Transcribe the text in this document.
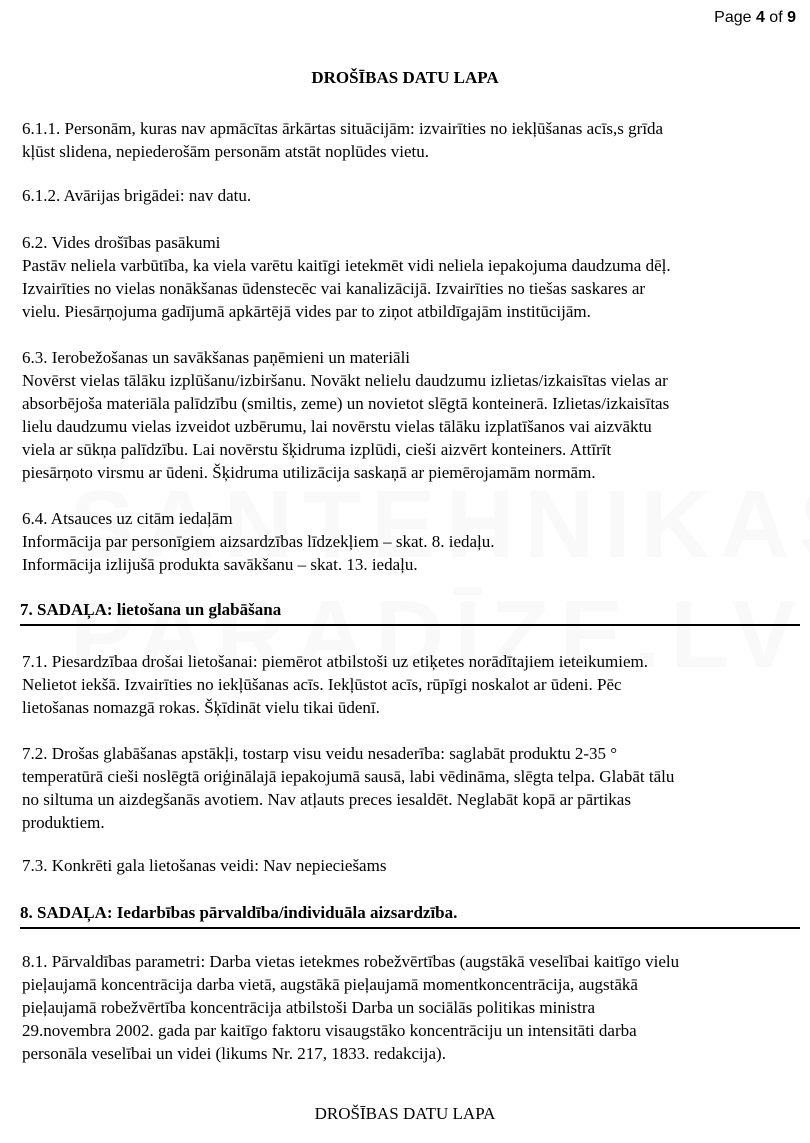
Page 4 of 9
DROŠĪBAS DATU LAPA

6.1.1. Personām, kuras nav apmācītas ārkārtas situācijām: izvairīties no iekļūšanas acīs,s grīda

kļūst slidena, nepiederošām personām atstāt noplūdes vietu.

6.1.2. Avārijas brigādei: nav datu.

6.2. Vides drošības pasākumi

Pastāv neliela varbūtība, ka viela varētu kaitīgi ietekmēt vidi neliela iepakojuma daudzuma dēļ.

Izvairīties no vielas nonākšanas ūdenstecēc vai kanalizācijā. Izvairīties no tiešas saskares ar

vielu. Piesārņojuma gadījumā apkārtējā vides par to ziņot atbildīgajām institūcijām.

6.3. Ierobežošanas un savākšanas paņēmieni un materiāli

Novērst vielas tālāku izplūšanu/izbiršanu. Novākt nelielu daudzumu izlietas/izkaisītas vielas ar

absorbējoša materiāla palīdzību (smiltis, zeme) un novietot slēgtā konteinerā. Izlietas/izkaisītas

lielu daudzumu vielas izveidot uzbērumu, lai novērstu vielas tālāku izplatīšanos vai aizvāktu

viela ar sūkņa palīdzību. Lai novērstu šķidruma izplūdi, cieši aizvērt konteiners. Attīrīt

piesārņoto virsmu ar ūdeni. Šķidruma utilizācija saskaņā ar piemērojamām normām.

6.4. Atsauces uz citām iedaļām

Informācija par personīgiem aizsardzības līdzekļiem – skat. 8. iedaļu.

Informācija izlijušā produkta savākšanu – skat. 13. iedaļu.

7. SADAĻA: lietošana un glabāšana

7.1. Piesardzībaa drošai lietošanai: piemērot atbilstoši uz etiķetes norādītajiem ieteikumiem.

Nelietot iekšā. Izvairīties no iekļūšanas acīs. Iekļūstot acīs, rūpīgi noskalot ar ūdeni. Pēc

lietošanas nomazgā rokas. Šķīdināt vielu tikai ūdenī.

7.2. Drošas glabāšanas apstākļi, tostarp visu veidu nesaderība: saglabāt produktu 2-35 °

temperatūrā cieši noslēgtā oriģinālajā iepakojumā sausā, labi vēdināma, slēgta telpa. Glabāt tālu

no siltuma un aizdegšanās avotiem. Nav atļauts preces iesaldēt. Neglabāt kopā ar pārtikas

produktiem.

7.3. Konkrēti gala lietošanas veidi: Nav nepieciešams

8. SADAĻA: Iedarbības pārvaldība/individuāla aizsardzība.

8.1. Pārvaldības parametri: Darba vietas ietekmes robežvērtības (augstākā veselībai kaitīgo vielu

pieļaujamā koncentrācija darba vietā, augstākā pieļaujamā momentkoncentrācija, augstākā

pieļaujamā robežvērtība koncentrācija atbilstoši Darba un sociālās politikas ministra

29.novembra 2002. gada par kaitīgo faktoru visaugstāko koncentrāciju un intensitāti darba

personāla veselībai un videi (likums Nr. 217, 1833. redakcija).

DROŠĪBAS DATU LAPA
